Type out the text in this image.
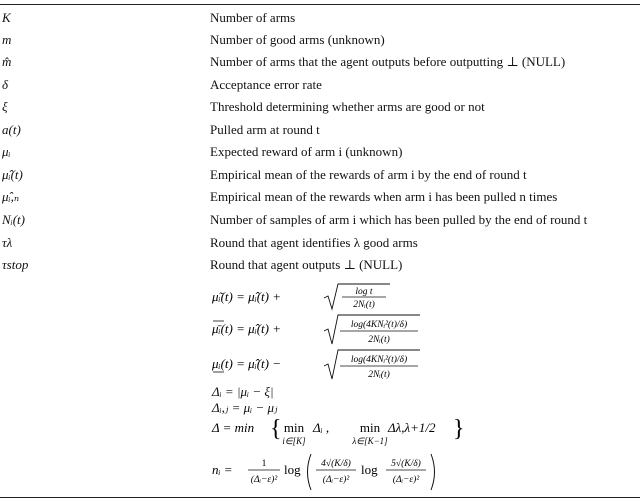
K	Number of arms
m	Number of good arms (unknown)
m̂	Number of arms that the agent outputs before outputting ⊥ (NULL)
δ	Acceptance error rate
ξ	Threshold determining whether arms are good or not
a(t)	Pulled arm at round t
μᵢ	Expected reward of arm i (unknown)
μ̂ᵢ(t)	Empirical mean of the rewards of arm i by the end of round t
μ̂ᵢ,ₙ	Empirical mean of the rewards when arm i has been pulled n times
Nᵢ(t)	Number of samples of arm i which has been pulled by the end of round t
τλ	Round that agent identifies λ good arms
τstop	Round that agent outputs ⊥ (NULL)
μ̃ᵢ(t) = μ̂ᵢ(t) +	log t
2Nᵢ(t)
μ̄ᵢ(t) = μ̂ᵢ(t) +	log(4KNᵢ²(t)/δ)
2Nᵢ(t)
μᵢ(t) = μ̂ᵢ(t) −	log(4KNᵢ²(t)/δ)
2Nᵢ(t)
Δᵢ = |μᵢ − ξ|
Δᵢ,ⱼ = μᵢ − μⱼ
Δ = min { min
i∈[K]
Δᵢ , min
λ∈[K−1]
Δλ,λ+1/2 }
nᵢ =	1
(Δᵢ−ε)²
log 4√(K/δ)
(Δᵢ−ε)²
log 5√(K/δ)
(Δᵢ−ε)²
